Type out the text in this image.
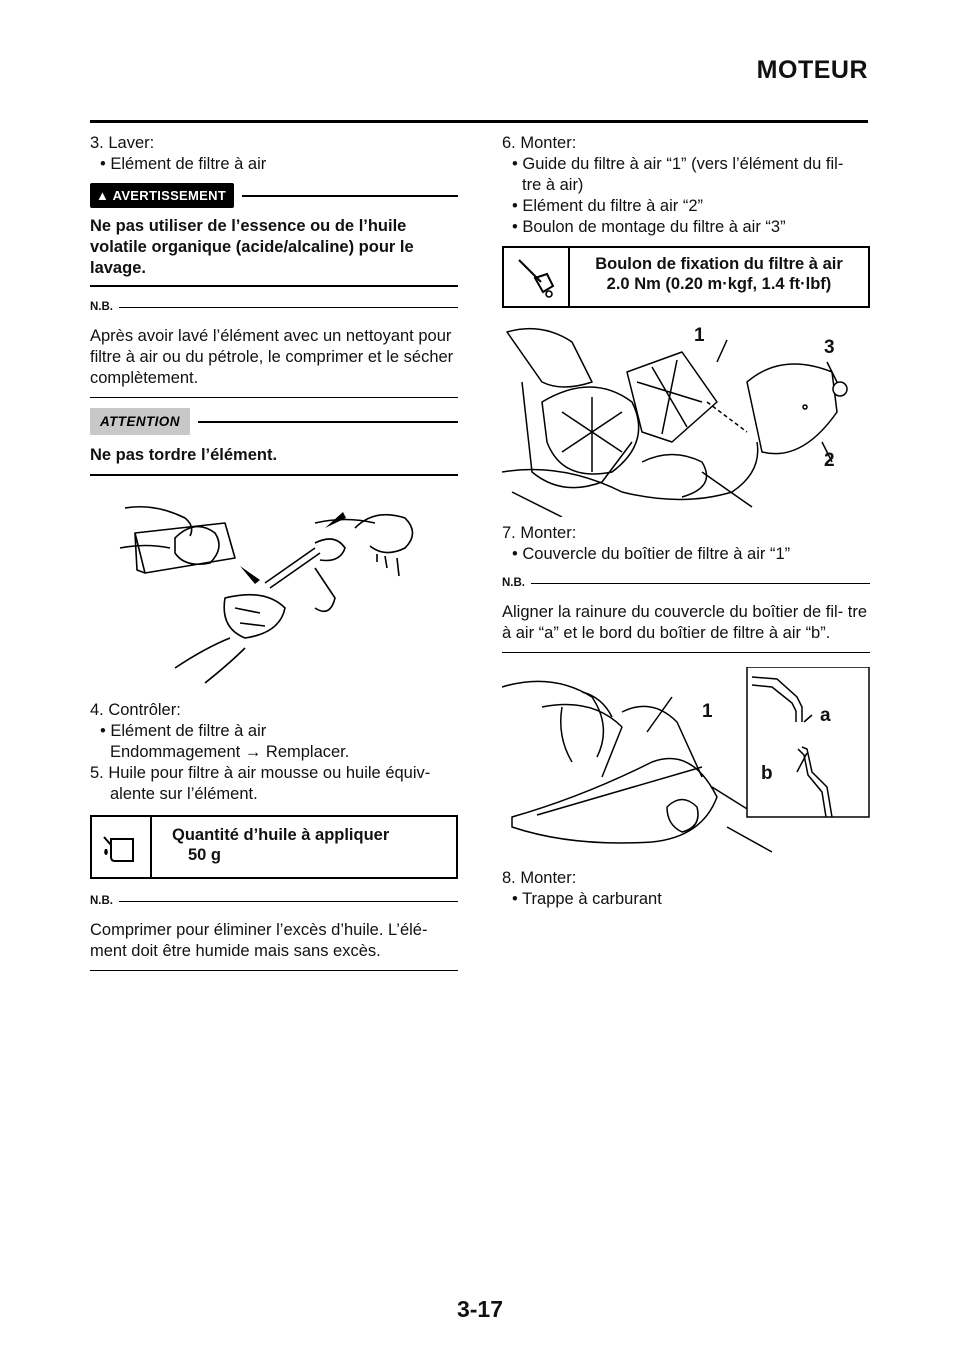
MOTEUR

3. Laver:

• Elément de filtre à air

▲ AVERTISSEMENT

Ne pas utiliser de l’essence ou de l’huile volatile organique (acide/alcaline) pour le lavage.

N.B.

Après avoir lavé l’élément avec un nettoyant pour filtre à air ou du pétrole, le comprimer et le sécher complètement.

ATTENTION

Ne pas tordre l’élément.

4. Contrôler:

• Elément de filtre à air

Endommagement → Remplacer.

5. Huile pour filtre à air mousse ou huile équiv-

alente sur l’élément.

Quantité d’huile à appliquer
50 g
N.B.

Comprimer pour éliminer l’excès d’huile. L’élé- ment doit être humide mais sans excès.

6. Monter:

• Guide du filtre à air “1” (vers l’élément du fil-

tre à air)

• Elément du filtre à air “2”

• Boulon de montage du filtre à air “3”

Boulon de fixation du filtre à air
2.0 Nm (0.20 m·kgf, 1.4 ft·lbf)
1
3
2

7. Monter:

• Couvercle du boîtier de filtre à air “1”

N.B.

Aligner la rainure du couvercle du boîtier de fil- tre à air “a” et le bord du boîtier de filtre à air “b”.

1	a
b

8. Monter:

• Trappe à carburant

3-17
